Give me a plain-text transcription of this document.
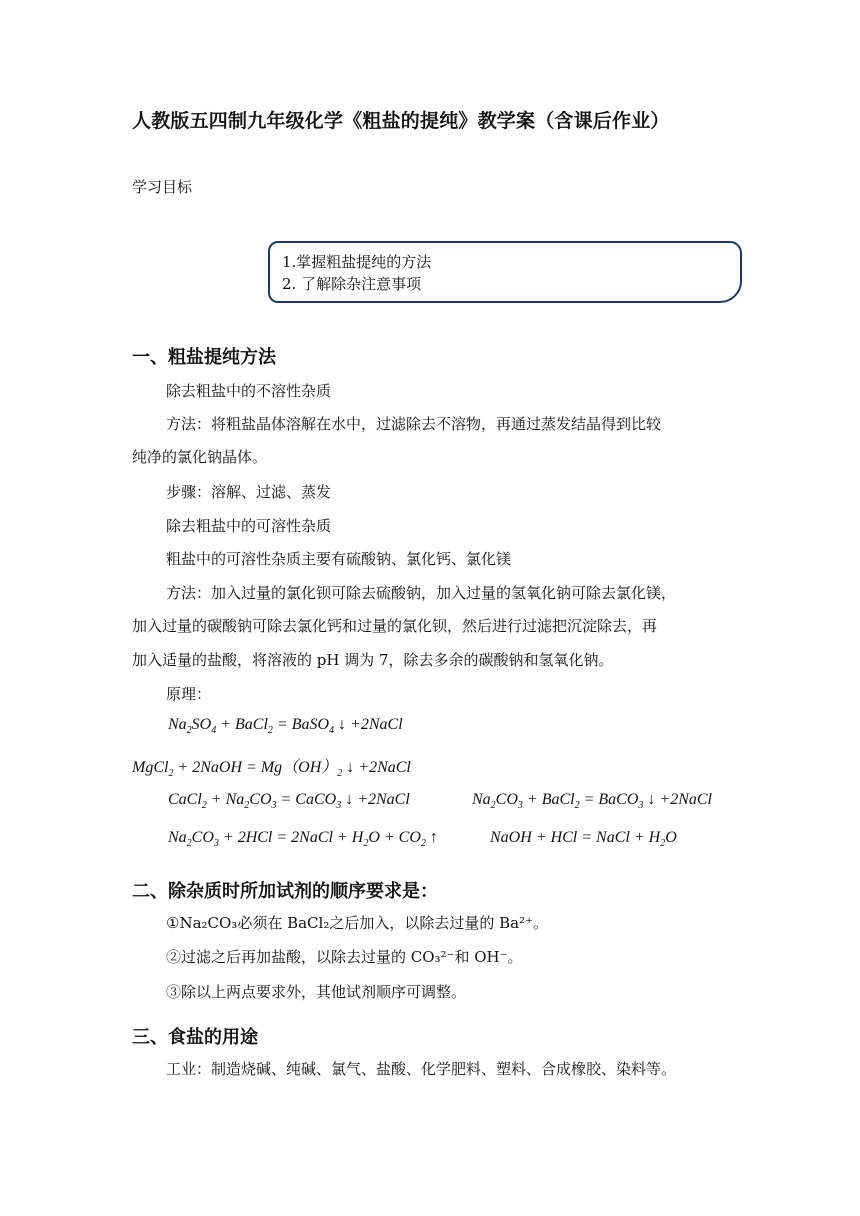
人教版五四制九年级化学《粗盐的提纯》教学案（含课后作业）
学习目标
1.掌握粗盐提纯的方法
2. 了解除杂注意事项
一、粗盐提纯方法
除去粗盐中的不溶性杂质
方法：将粗盐晶体溶解在水中，过滤除去不溶物，再通过蒸发结晶得到比较
纯净的氯化钠晶体。
步骤：溶解、过滤、蒸发
除去粗盐中的可溶性杂质
粗盐中的可溶性杂质主要有硫酸钠、氯化钙、氯化镁
方法：加入过量的氯化钡可除去硫酸钠，加入过量的氢氧化钠可除去氯化镁，
加入过量的碳酸钠可除去氯化钙和过量的氯化钡，然后进行过滤把沉淀除去，再
加入适量的盐酸，将溶液的 pH 调为 7，除去多余的碳酸钠和氢氧化钠。
原理：
$Na_2SO_4$ + BaCl$_2$ = BaSO$_4$ ↓ +2NaCl
MgCl$_2$ + 2NaOH = $Mg(OH)_2$ ↓ +2NaCl
CaCl$_2$ + $Na_2CO_3$ = CaCO$_3$ ↓ +2NaCl	$Na_2CO_3$ + BaCl$_2$ = BaCO$_3$ ↓ +2NaCl
$Na_2CO_3 + 2HCl$ = 2NaCl + $H_2O + CO_2$ ↑	NaOH + HCl = NaCl + $H_2O$
二、除杂质时所加试剂的顺序要求是：
①Na₂CO₃必须在 BaCl₂之后加入，以除去过量的 Ba²⁺。
②过滤之后再加盐酸，以除去过量的 CO₃²⁻和 OH⁻。
③除以上两点要求外，其他试剂顺序可调整。
三、食盐的用途
工业：制造烧碱、纯碱、氯气、盐酸、化学肥料、塑料、合成橡胶、染料等。
